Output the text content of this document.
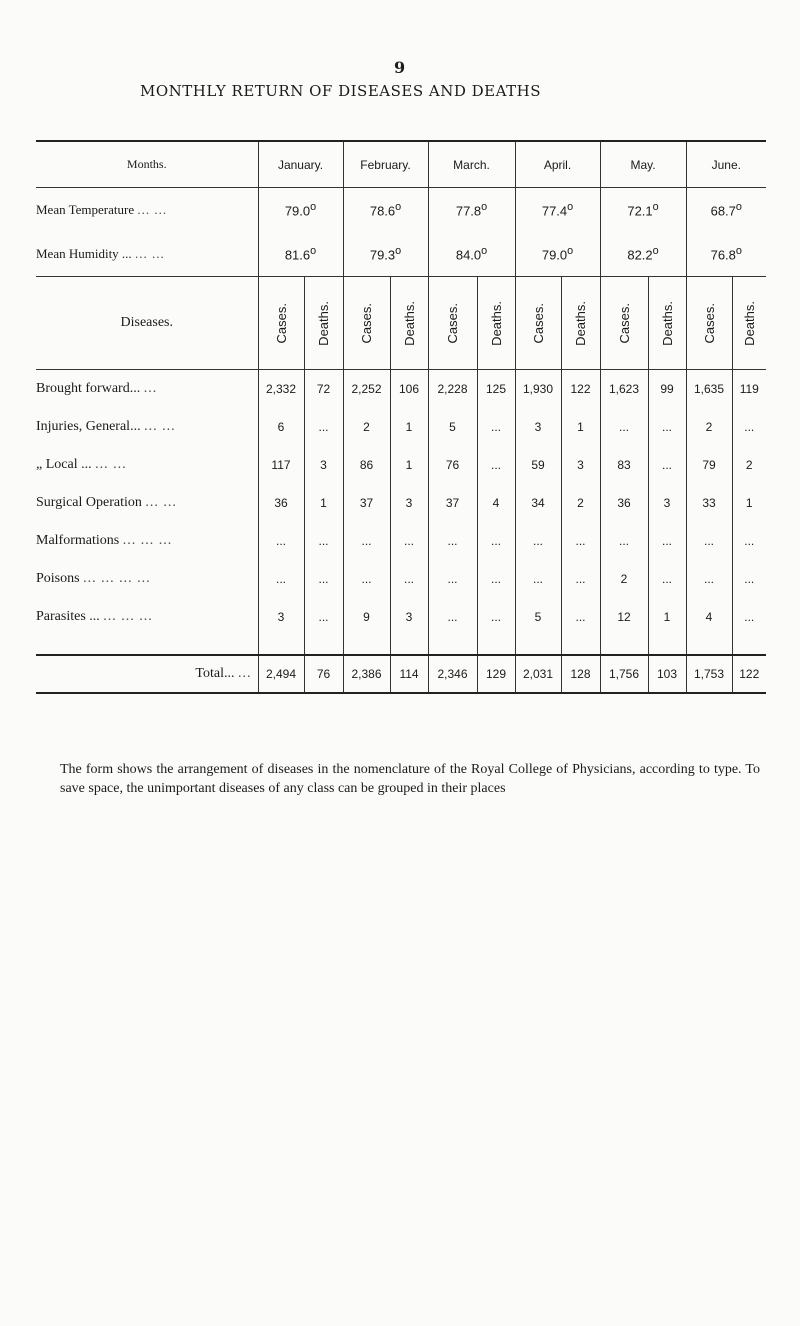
9
MONTHLY RETURN OF DISEASES AND DEATHS
Months.	January.		February.		March.		April.		May.		June.	
Mean Temperature ... ...	79.0$^o$		78.6$^o$		77.8$^o$		77.4$^o$		72.1$^o$		68.7$^o$
Mean Humidity ... ... ...	81.6$^o$		79.3$^o$		84.0$^o$		79.0$^o$		82.2$^o$		76.8$^o$
Diseases.	Cases.	Deaths.	Cases.	Deaths.	Cases.	Deaths.	Cases.	Deaths.	Cases.	Deaths.	Cases.	Deaths.

Brought forward... ...	2,332	72	2,252	106	2,228	125	1,930	122	1,623	99	1,635	119
Injuries, General... ... ...	6	...	2	1	5	...	3	1	...	...	2	...
„ Local ... ... ...	117	3	86	1	76	...	59	3	83	...	79	2
Surgical Operation ... ...	36	1	37	3	37	4	34	2	36	3	33	1
Malformations ... ... ...	...	...	...	...	...	...	...	...	...	...	...	...
Poisons ... ... ... ...	...	...	...	...	...	...	...	...	2	...	...	...
Parasites ... ... ... ...	3	...	9	3	...	...	5	...	12	1	4	...

Total... ...	2,494	76	2,386	114	2,346	129	2,031	128	1,756	103	1,753	122
The form shows the arrangement of diseases in the nomenclature of the Royal College of Physicians, according to type. To save space, the unimportant diseases of any class can be grouped in their places
